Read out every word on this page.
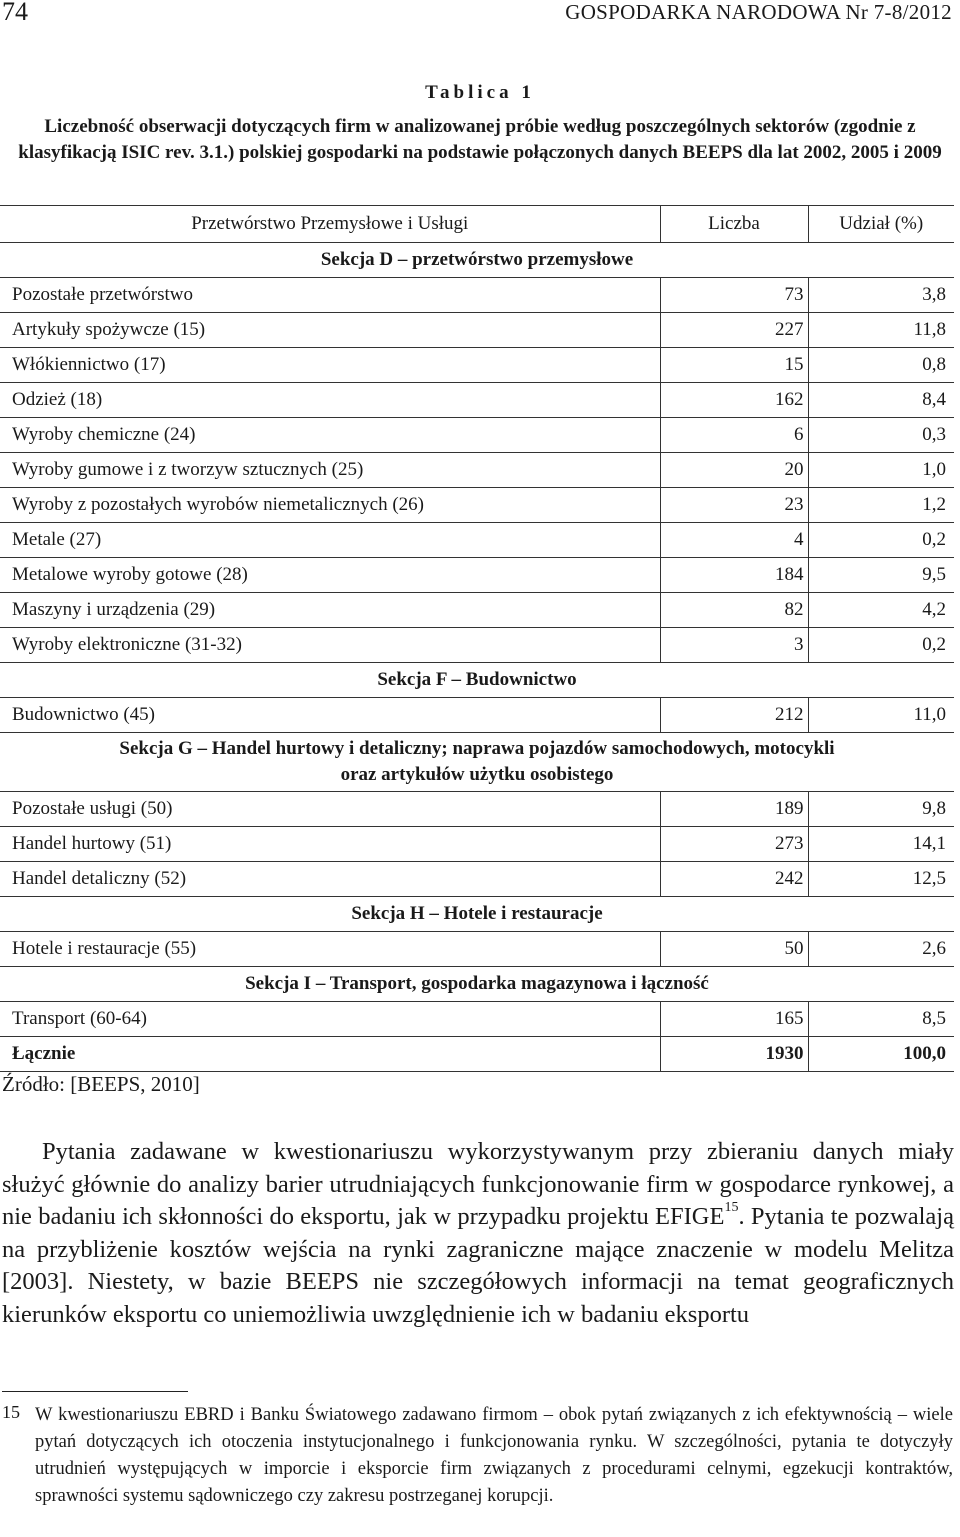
74	GOSPODARKA NARODOWA Nr 7-8/2012
Tablica 1
Liczebność obserwacji dotyczących firm w analizowanej próbie według poszczególnych sektorów (zgodnie z klasyfikacją ISIC rev. 3.1.) polskiej gospodarki na podstawie połączonych danych BEEPS dla lat 2002, 2005 i 2009
Przetwórstwo Przemysłowe i Usługi	Liczba	Udział (%)
Sekcja D – przetwórstwo przemysłowe		
Pozostałe przetwórstwo	73	3,8
Artykuły spożywcze (15)	227	11,8
Włókiennictwo (17)	15	0,8
Odzież (18)	162	8,4
Wyroby chemiczne (24)	6	0,3
Wyroby gumowe i z tworzyw sztucznych (25)	20	1,0
Wyroby z pozostałych wyrobów niemetalicznych (26)	23	1,2
Metale (27)	4	0,2
Metalowe wyroby gotowe (28)	184	9,5
Maszyny i urządzenia (29)	82	4,2
Wyroby elektroniczne (31-32)	3	0,2
Sekcja F – Budownictwo		
Budownictwo (45)	212	11,0
Sekcja G – Handel hurtowy i detaliczny; naprawa pojazdów samochodowych, motocykli
oraz artykułów użytku osobistego		
Pozostałe usługi (50)	189	9,8
Handel hurtowy (51)	273	14,1
Handel detaliczny (52)	242	12,5
Sekcja H – Hotele i restauracje		
Hotele i restauracje (55)	50	2,6
Sekcja I – Transport, gospodarka magazynowa i łączność		
Transport (60-64)	165	8,5
Łącznie	1930	100,0
Źródło: [BEEPS, 2010]
Pytania zadawane w kwestionariuszu wykorzystywanym przy zbieraniu danych miały służyć głównie do analizy barier utrudniających funkcjonowanie firm w gospodarce rynkowej, a nie badaniu ich skłonności do eksportu, jak w przypadku projektu EFIGE$^{15}$. Pytania te pozwalają na przybliżenie kosztów wejścia na rynki zagraniczne mające znaczenie w modelu Melitza [2003]. Niestety, w bazie BEEPS nie szczegółowych informacji na temat geograficznych kierunków eksportu co uniemożliwia uwzględnienie ich w badaniu eksportu
15 W kwestionariuszu EBRD i Banku Światowego zadawano firmom – obok pytań związanych z ich efektywnością – wiele pytań dotyczących ich otoczenia instytucjonalnego i funkcjonowania rynku. W szczególności, pytania te dotyczyły utrudnień występujących w imporcie i eksporcie firm związanych z procedurami celnymi, egzekucji kontraktów, sprawności systemu sądowniczego czy zakresu postrzeganej korupcji.
